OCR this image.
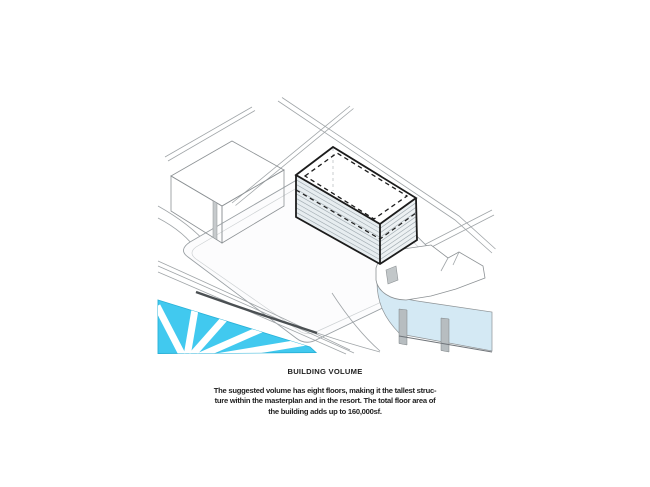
BUILDING VOLUME
The suggested volume has eight floors, making it the tallest struc-
ture within the masterplan and in the resort. The total floor area of
the building adds up to 160,000sf.
